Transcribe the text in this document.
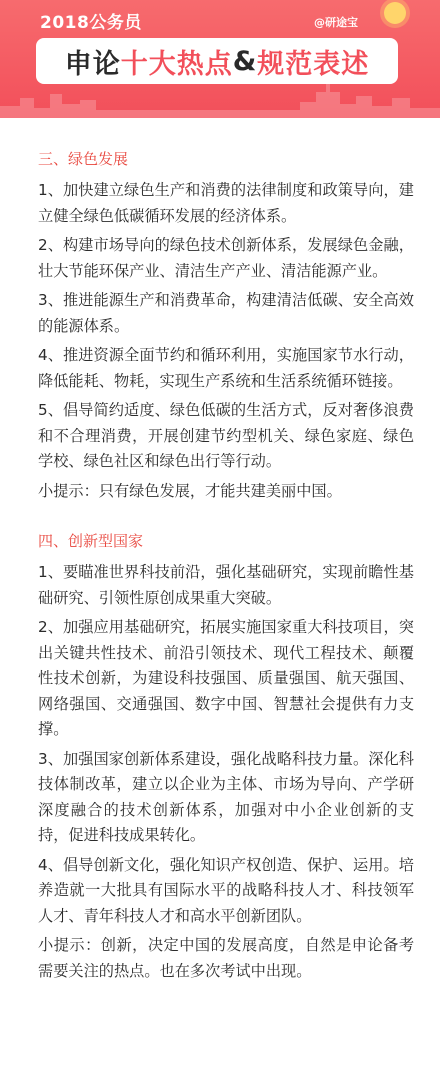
2018公务员	@研途宝
申论 十大热点 & 规范表述
三、绿色发展

1、加快建立绿色生产和消费的法律制度和政策导向，建立健全绿色低碳循环发展的经济体系。

2、构建市场导向的绿色技术创新体系，发展绿色金融，壮大节能环保产业、清洁生产产业、清洁能源产业。

3、推进能源生产和消费革命，构建清洁低碳、安全高效的能源体系。

4、推进资源全面节约和循环利用，实施国家节水行动，降低能耗、物耗，实现生产系统和生活系统循环链接。

5、倡导简约适度、绿色低碳的生活方式，反对奢侈浪费和不合理消费，开展创建节约型机关、绿色家庭、绿色学校、绿色社区和绿色出行等行动。

小提示：只有绿色发展，才能共建美丽中国。

四、创新型国家

1、要瞄准世界科技前沿，强化基础研究，实现前瞻性基础研究、引领性原创成果重大突破。

2、加强应用基础研究，拓展实施国家重大科技项目，突出关键共性技术、前沿引领技术、现代工程技术、颠覆性技术创新，为建设科技强国、质量强国、航天强国、网络强国、交通强国、数字中国、智慧社会提供有力支撑。

3、加强国家创新体系建设，强化战略科技力量。深化科技体制改革，建立以企业为主体、市场为导向、产学研深度融合的技术创新体系，加强对中小企业创新的支持，促进科技成果转化。

4、倡导创新文化，强化知识产权创造、保护、运用。培养造就一大批具有国际水平的战略科技人才、科技领军人才、青年科技人才和高水平创新团队。

小提示：创新，决定中国的发展高度，自然是申论备考需要关注的热点。也在多次考试中出现。
